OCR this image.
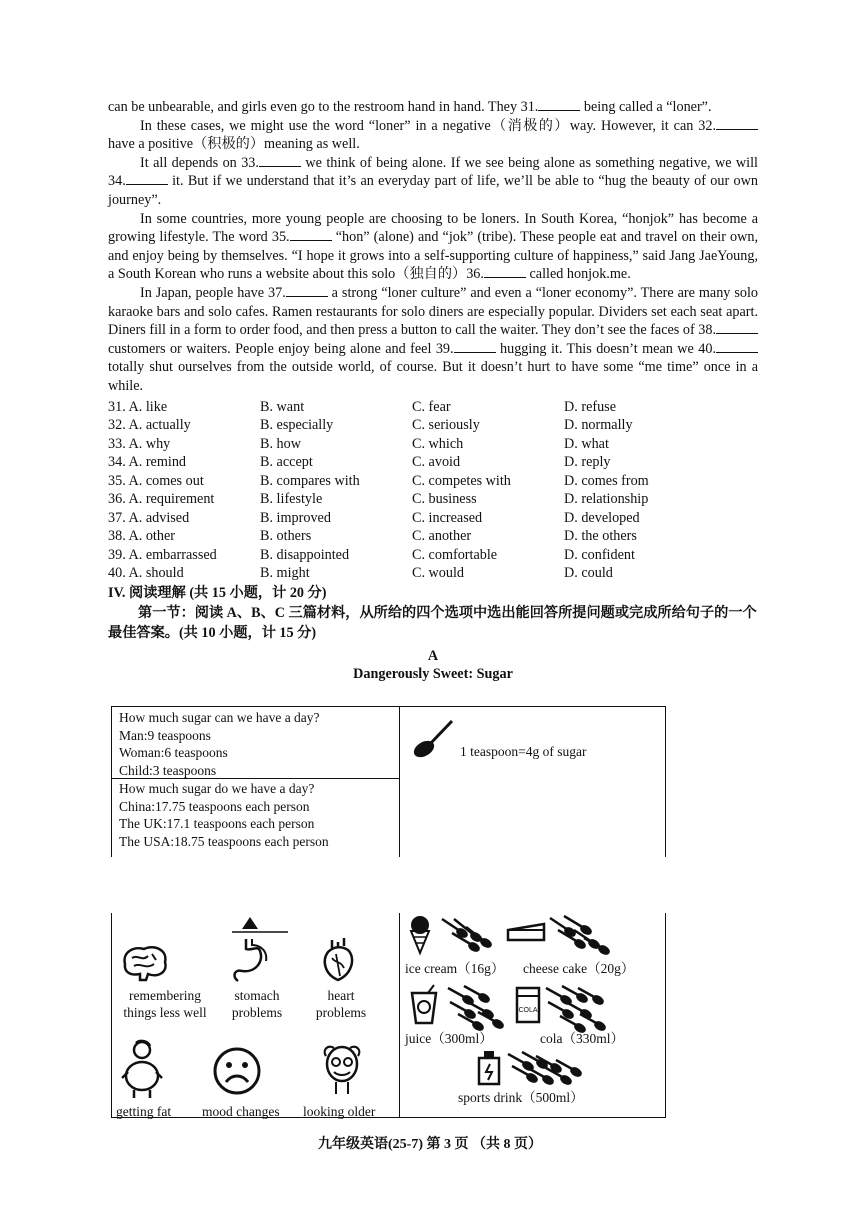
can be unbearable, and girls even go to the restroom hand in hand. They 31.	being called a “loner”.

In these cases, we might use the word “loner” in a negative（消极的）way. However, it can 32. have a positive（积极的）meaning as well.

It all depends on 33.	we think of being alone. If we see being alone as something negative, we will 34.	it. But if we understand that it’s an everyday part of life, we’ll be able to “hug the beauty of our own journey”.

In some countries, more young people are choosing to be loners. In South Korea, “honjok” has become a growing lifestyle. The word 35.	“hon” (alone) and “jok” (tribe). These people eat and travel on their own, and enjoy being by themselves. “I hope it grows into a self-supporting culture of happiness,” said Jang JaeYoung, a South Korean who runs a website about this solo（独自的）36.	called honjok.me.

In Japan, people have 37.	a strong “loner culture” and even a “loner economy”. There are many solo karaoke bars and solo cafes. Ramen restaurants for solo diners are especially popular. Dividers set each seat apart. Diners fill in a form to order food, and then press a button to call the waiter. They don’t see the faces of 38. customers or waiters. People enjoy being alone and feel 39.	hugging it. This doesn’t mean we 40. totally shut ourselves from the outside world, of course. But it doesn’t hurt to have some “me time” once in a while.

31. A. like	B. want	C. fear	D. refuse
32. A. actually	B. especially	C. seriously	D. normally
33. A. why	B. how	C. which	D. what
34. A. remind	B. accept	C. avoid	D. reply
35. A. comes out	B. compares with	C. competes with	D. comes from
36. A. requirement	B. lifestyle	C. business	D. relationship
37. A. advised	B. improved	C. increased	D. developed
38. A. other	B. others	C. another	D. the others
39. A. embarrassed	B. disappointed	C. comfortable	D. confident
40. A. should	B. might	C. would	D. could

IV. 阅读理解 (共 15 小题，计 20 分)

第一节：阅读 A、B、C 三篇材料，从所给的四个选项中选出能回答所提问题或完成所给句子的一个最佳答案。(共 10 小题，计 15 分)

A

Dangerously Sweet: Sugar

How much sugar can we have a day?
Man:9 teaspoons
Woman:6 teaspoons
Child:3 teaspoons
How much sugar do we have a day?
China:17.75 teaspoons each person
The UK:17.1 teaspoons each person
The USA:18.75 teaspoons each person
1 teaspoon=4g of sugar
remembering things less well
stomach problems
heart problems
getting fat mood changes looking older
ice cream（16g） cheese cake（20g）
COLA
juice（300ml）	cola（330ml）
sports drink（500ml）
九年级英语(25-7) 第 3 页 （共 8 页）
